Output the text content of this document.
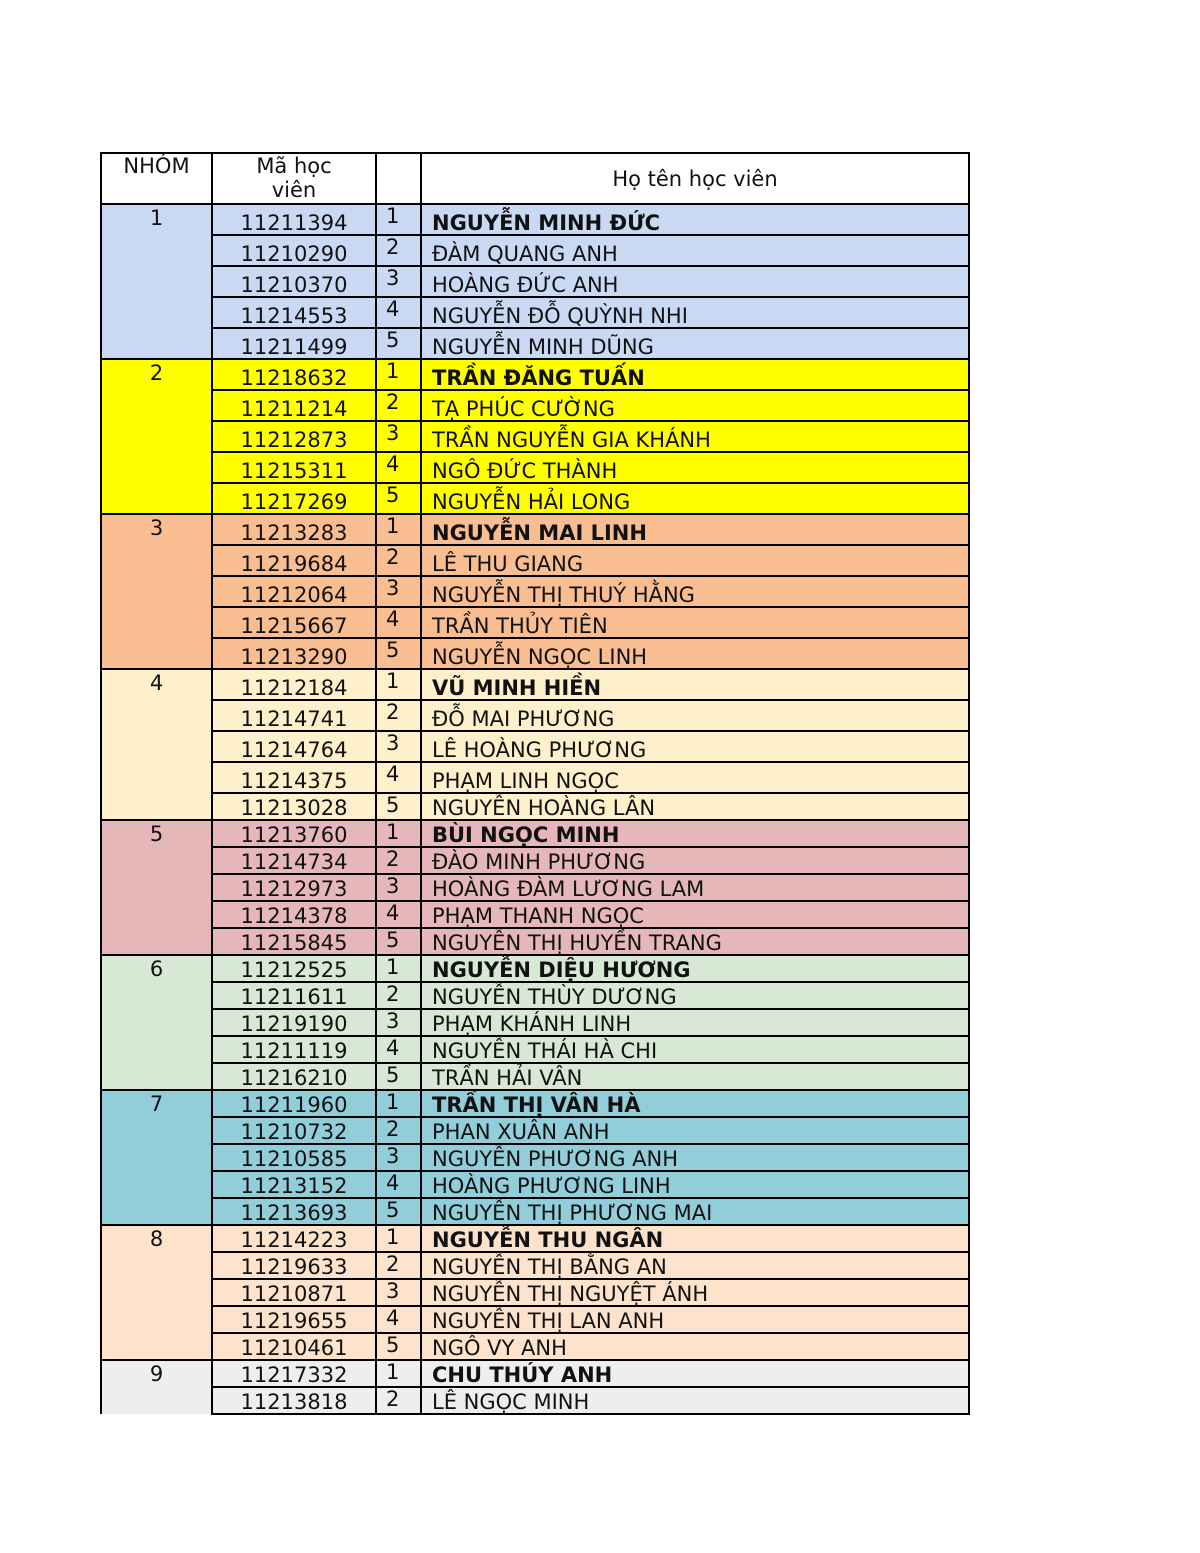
NHÓM	Mã học
viên		Họ tên học viên
1	11211394	1	NGUYỄN MINH ĐỨC
	11210290	2	ĐÀM QUANG ANH
	11210370	3	HOÀNG ĐỨC ANH
	11214553	4	NGUYỄN ĐỖ QUỲNH NHI
	11211499	5	NGUYỄN MINH DŨNG
2	11218632	1	TRẦN ĐĂNG TUẤN
	11211214	2	TẠ PHÚC CƯỜNG
	11212873	3	TRẦN NGUYỄN GIA KHÁNH
	11215311	4	NGÔ ĐỨC THÀNH
	11217269	5	NGUYỄN HẢI LONG
3	11213283	1	NGUYỄN MAI LINH
	11219684	2	LÊ THU GIANG
	11212064	3	NGUYỄN THỊ THUÝ HẰNG
	11215667	4	TRẦN THỦY TIÊN
	11213290	5	NGUYỄN NGỌC LINH
4	11212184	1	VŨ MINH HIỀN
	11214741	2	ĐỖ MAI PHƯƠNG
	11214764	3	LÊ HOÀNG PHƯƠNG
	11214375	4	PHẠM LINH NGỌC
	11213028	5	NGUYỄN HOÀNG LÂN
5	11213760	1	BÙI NGỌC MINH
	11214734	2	ĐÀO MINH PHƯƠNG
	11212973	3	HOÀNG ĐÀM LƯƠNG LAM
	11214378	4	PHẠM THANH NGỌC
	11215845	5	NGUYỄN THỊ HUYỀN TRANG
6	11212525	1	NGUYỄN DIỆU HƯƠNG
	11211611	2	NGUYỄN THÙY DƯƠNG
	11219190	3	PHẠM KHÁNH LINH
	11211119	4	NGUYỄN THÁI HÀ CHI
	11216210	5	TRẦN HẢI VÂN
7	11211960	1	TRẦN THỊ VÂN HÀ
	11210732	2	PHAN XUÂN ANH
	11210585	3	NGUYỄN PHƯƠNG ANH
	11213152	4	HOÀNG PHƯƠNG LINH
	11213693	5	NGUYỄN THỊ PHƯƠNG MAI
8	11214223	1	NGUYỄN THU NGÂN
	11219633	2	NGUYỄN THỊ BẰNG AN
	11210871	3	NGUYỄN THỊ NGUYỆT ÁNH
	11219655	4	NGUYỄN THỊ LAN ANH
	11210461	5	NGÔ VY ANH
9	11217332	1	CHU THÚY ANH
	11213818	2	LÊ NGỌC MINH
